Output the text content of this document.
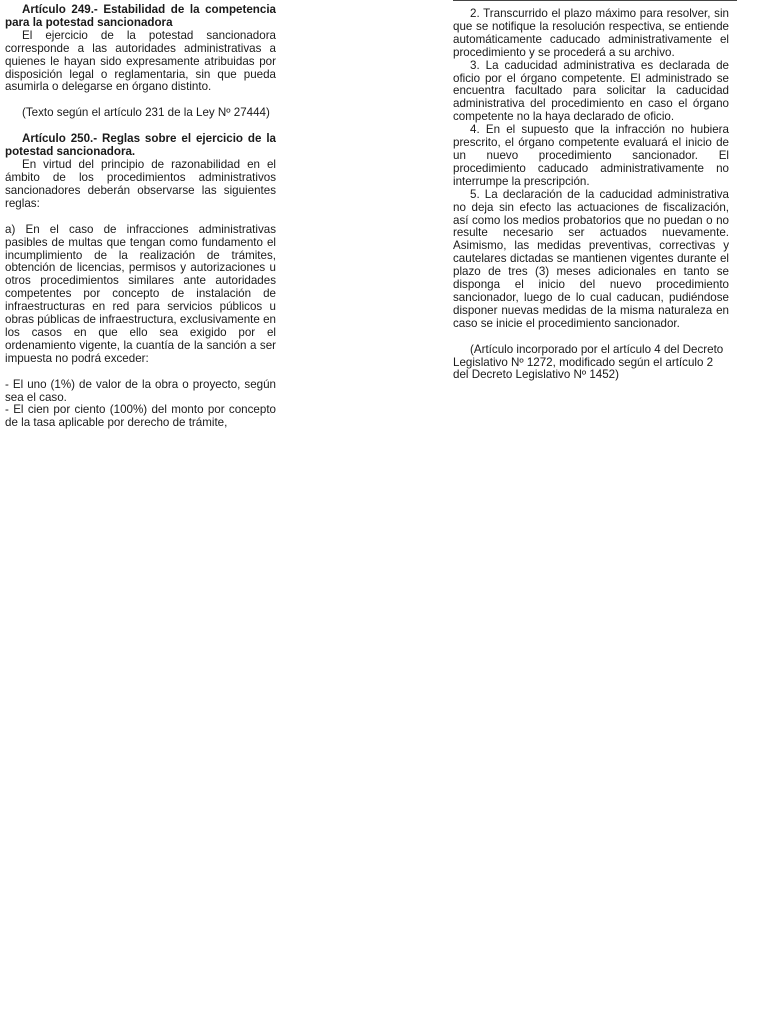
Artículo 249.- Estabilidad de la competencia para la potestad sancionadora

El ejercicio de la potestad sancionadora corresponde a las autoridades administrativas a quienes le hayan sido expresamente atribuidas por disposición legal o reglamentaria, sin que pueda asumirla o delegarse en órgano distinto.

(Texto según el artículo 231 de la Ley Nº 27444)

Artículo 250.- Reglas sobre el ejercicio de la potestad sancionadora.

En virtud del principio de razonabilidad en el ámbito de los procedimientos administrativos sancionadores deberán observarse las siguientes reglas:

a) En el caso de infracciones administrativas pasibles de multas que tengan como fundamento el incumplimiento de la realización de trámites, obtención de licencias, permisos y autorizaciones u otros procedimientos similares ante autoridades competentes por concepto de instalación de infraestructuras en red para servicios públicos u obras públicas de infraestructura, exclusivamente en los casos en que ello sea exigido por el ordenamiento vigente, la cuantía de la sanción a ser impuesta no podrá exceder:

- El uno (1%) de valor de la obra o proyecto, según sea el caso.

- El cien por ciento (100%) del monto por concepto de la tasa aplicable por derecho de trámite,

2. Transcurrido el plazo máximo para resolver, sin que se notifique la resolución respectiva, se entiende automáticamente caducado administrativamente el procedimiento y se procederá a su archivo.

3. La caducidad administrativa es declarada de oficio por el órgano competente. El administrado se encuentra facultado para solicitar la caducidad administrativa del procedimiento en caso el órgano competente no la haya declarado de oficio.

4. En el supuesto que la infracción no hubiera prescrito, el órgano competente evaluará el inicio de un nuevo procedimiento sancionador. El procedimiento caducado administrativamente no interrumpe la prescripción.

5. La declaración de la caducidad administrativa no deja sin efecto las actuaciones de fiscalización, así como los medios probatorios que no puedan o no resulte necesario ser actuados nuevamente. Asimismo, las medidas preventivas, correctivas y cautelares dictadas se mantienen vigentes durante el plazo de tres (3) meses adicionales en tanto se disponga el inicio del nuevo procedimiento sancionador, luego de lo cual caducan, pudiéndose disponer nuevas medidas de la misma naturaleza en caso se inicie el procedimiento sancionador.

(Artículo incorporado por el artículo 4 del Decreto Legislativo Nº 1272, modificado según el artículo 2 del Decreto Legislativo Nº 1452)
